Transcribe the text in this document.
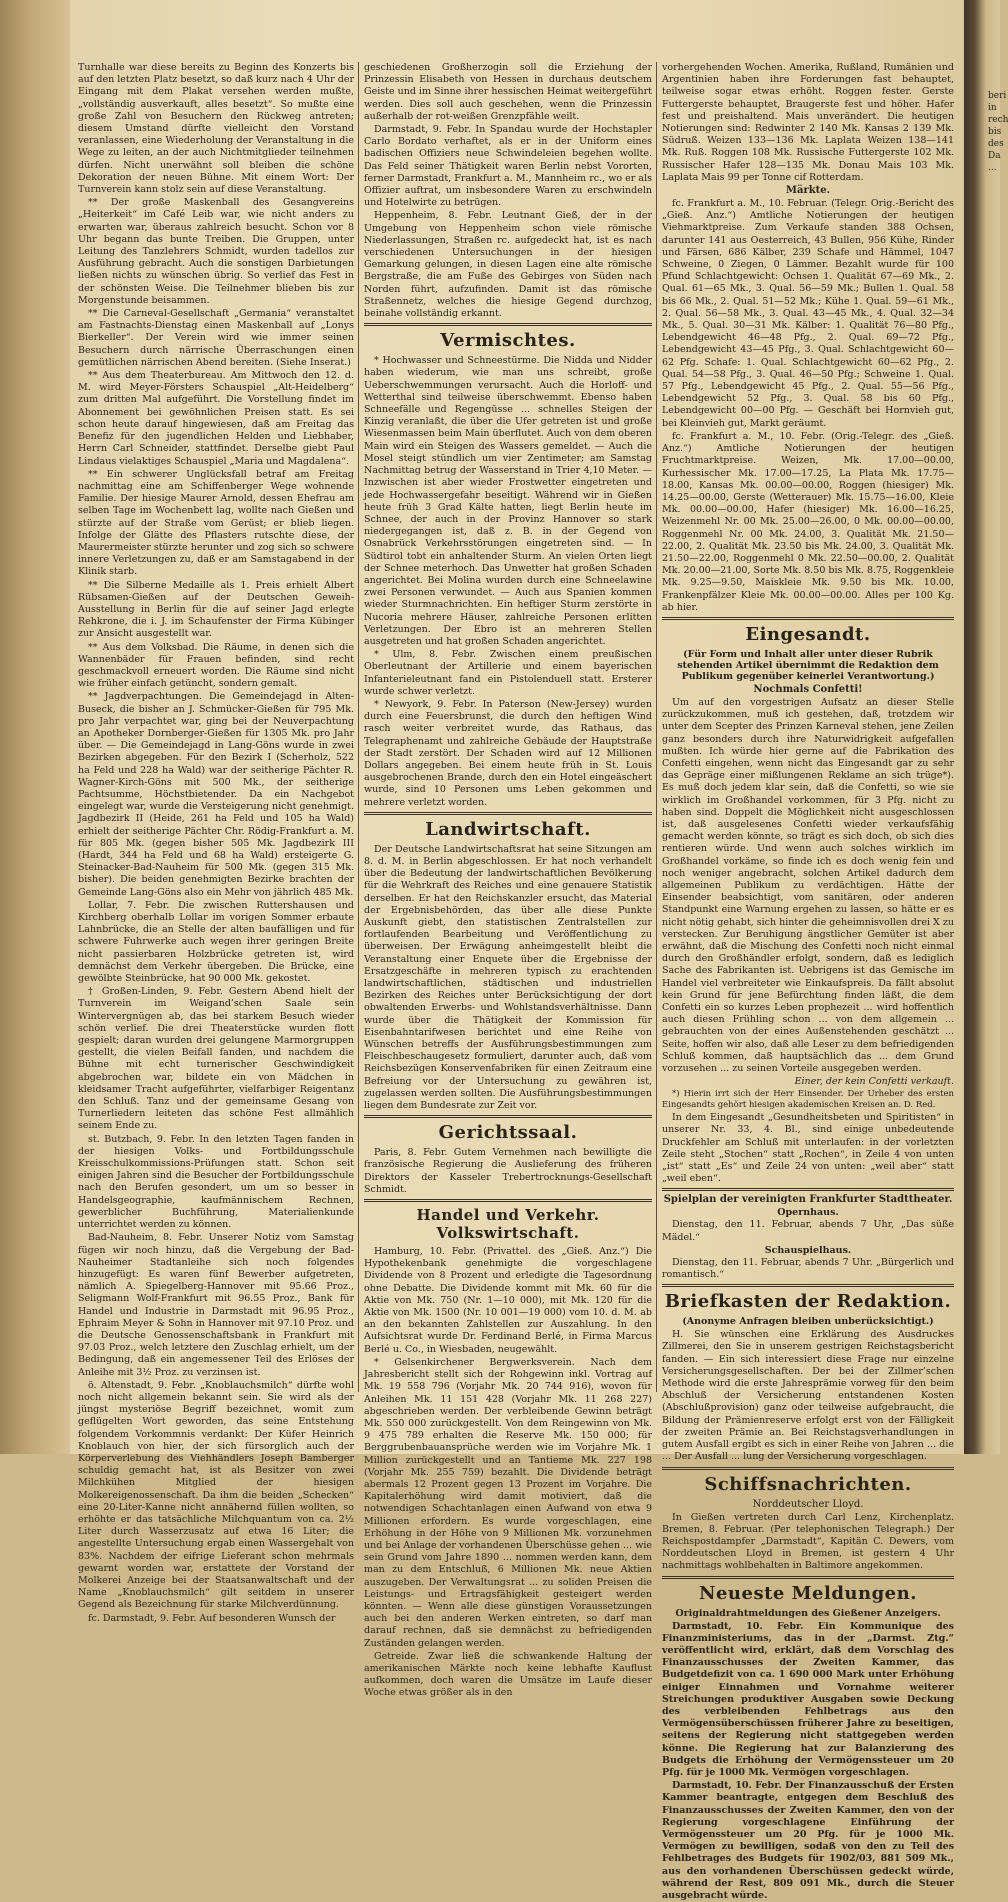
beri
in
rech
bis
des
Da
...

Turnhalle war diese bereits zu Beginn des Konzerts bis auf den letzten Platz besetzt, so daß kurz nach 4 Uhr der Eingang mit dem Plakat versehen werden mußte, „vollständig ausverkauft, alles besetzt“. So mußte eine große Zahl von Besuchern den Rückweg antreten; diesem Umstand dürfte vielleicht den Vorstand veranlassen, eine Wiederholung der Veranstaltung in die Wege zu leiten, an der auch Nichtmitglieder teilnehmen dürfen. Nicht unerwähnt soll bleiben die schöne Dekoration der neuen Bühne. Mit einem Wort: Der Turnverein kann stolz sein auf diese Veranstaltung.

** Der große Maskenball des Gesangvereins „Heiterkeit“ im Café Leib war, wie nicht anders zu erwarten war, überaus zahlreich besucht. Schon vor 8 Uhr begann das bunte Treiben. Die Gruppen, unter Leitung des Tanzlehrers Schmidt, wurden tadellos zur Ausführung gebracht. Auch die sonstigen Darbietungen ließen nichts zu wünschen übrig. So verlief das Fest in der schönsten Weise. Die Teilnehmer blieben bis zur Morgenstunde beisammen.

** Die Carneval-Gesellschaft „Germania“ veranstaltet am Fastnachts-Dienstag einen Maskenball auf „Lonys Bierkeller“. Der Verein wird wie immer seinen Besuchern durch närrische Überraschungen einen gemütlichen närrischen Abend bereiten. (Siehe Inserat.)

** Aus dem Theaterbureau. Am Mittwoch den 12. d. M. wird Meyer-Försters Schauspiel „Alt-Heidelberg“ zum dritten Mal aufgeführt. Die Vorstellung findet im Abonnement bei gewöhnlichen Preisen statt. Es sei schon heute darauf hingewiesen, daß am Freitag das Benefiz für den jugendlichen Helden und Liebhaber, Herrn Carl Schneider, stattfindet. Derselbe giebt Paul Lindaus vielaktiges Schauspiel „Maria und Magdalena“.

** Ein schwerer Unglücksfall betraf am Freitag nachmittag eine am Schiffenberger Wege wohnende Familie. Der hiesige Maurer Arnold, dessen Ehefrau am selben Tage im Wochenbett lag, wollte nach Gießen und stürzte auf der Straße vom Gerüst; er blieb liegen. Infolge der Glätte des Pflasters rutschte diese, der Maurermeister stürzte herunter und zog sich so schwere innere Verletzungen zu, daß er am Samstagabend in der Klinik starb.

** Die Silberne Medaille als 1. Preis erhielt Albert Rübsamen-Gießen auf der Deutschen Geweih-Ausstellung in Berlin für die auf seiner Jagd erlegte Rehkrone, die i. J. im Schaufenster der Firma Kübinger zur Ansicht ausgestellt war.

** Aus dem Volksbad. Die Räume, in denen sich die Wannenbäder für Frauen befinden, sind recht geschmackvoll erneuert worden. Die Räume sind nicht wie früher einfach getüncht, sondern gemalt.

** Jagdverpachtungen. Die Gemeindejagd in Alten-Buseck, die bisher an J. Schmücker-Gießen für 795 Mk. pro Jahr verpachtet war, ging bei der Neuverpachtung an Apotheker Dornberger-Gießen für 1305 Mk. pro Jahr über. — Die Gemeindejagd in Lang-Göns wurde in zwei Bezirken abgegeben. Für den Bezirk I (Scherholz, 522 ha Feld und 228 ha Wald) war der seitherige Pächter R. Wagner-Kirch-Göns mit 500 Mk., der seitherige Pachtsumme, Höchstbietender. Da ein Nachgebot eingelegt war, wurde die Versteigerung nicht genehmigt. Jagdbezirk II (Heide, 261 ha Feld und 105 ha Wald) erhielt der seitherige Pächter Chr. Rödig-Frankfurt a. M. für 805 Mk. (gegen bisher 505 Mk. Jagdbezirk III (Hardt, 344 ha Feld und 68 ha Wald) ersteigerte G. Steinacker-Bad-Nauheim für 500 Mk. (gegen 315 Mk. bisher). Die beiden genehmigten Bezirke brachten der Gemeinde Lang-Göns also ein Mehr von jährlich 485 Mk.

Lollar, 7. Febr. Die zwischen Ruttershausen und Kirchberg oberhalb Lollar im vorigen Sommer erbaute Lahnbrücke, die an Stelle der alten baufälligen und für schwere Fuhrwerke auch wegen ihrer geringen Breite nicht passierbaren Holzbrücke getreten ist, wird demnächst dem Verkehr übergeben. Die Brücke, eine gewölbte Steinbrücke, hat 90 000 Mk. gekostet.

† Großen-Linden, 9. Febr. Gestern Abend hielt der Turnverein im Weigand’schen Saale sein Wintervergnügen ab, das bei starkem Besuch wieder schön verlief. Die drei Theaterstücke wurden flott gespielt; daran wurden drei gelungene Marmorgruppen gestellt, die vielen Beifall fanden, und nachdem die Bühne mit echt turnerischer Geschwindigkeit abgebrochen war, bildete ein von Mädchen in kleidsamer Tracht aufgeführter, vielfarbiger Reigentanz den Schluß. Tanz und der gemeinsame Gesang von Turnerliedern leiteten das schöne Fest allmählich seinem Ende zu.

st. Butzbach, 9. Febr. In den letzten Tagen fanden in der hiesigen Volks- und Fortbildungsschule Kreisschulkommissions-Prüfungen statt. Schon seit einigen Jahren sind die Besucher der Fortbildungsschule nach den Berufen gesondert, um um so besser in Handelsgeographie, kaufmännischem Rechnen, gewerblicher Buchführung, Materialienkunde unterrichtet werden zu können.

Bad-Nauheim, 8. Febr. Unserer Notiz vom Samstag fügen wir noch hinzu, daß die Vergebung der Bad-Nauheimer Stadtanleihe sich noch folgendes hinzugefügt: Es waren fünf Bewerber aufgetreten, nämlich A. Spiegelberg-Hannover mit 95.66 Proz., Seligmann Wolf-Frankfurt mit 96.55 Proz., Bank für Handel und Industrie in Darmstadt mit 96.95 Proz., Ephraim Meyer & Sohn in Hannover mit 97.10 Proz. und die Deutsche Genossenschaftsbank in Frankfurt mit 97.03 Proz., welch letztere den Zuschlag erhielt, um der Bedingung, daß ein angemessener Teil des Erlöses der Anleihe mit 3½ Proz. zu verzinsen ist.

ö. Altenstadt, 9. Febr. „Knoblauchsmilch“ dürfte wohl noch nicht allgemein bekannt sein. Sie wird als der jüngst mysteriöse Begriff bezeichnet, womit zum geflügelten Wort geworden, das seine Entstehung folgendem Vorkommnis verdankt: Der Küfer Heinrich Knoblauch von hier, der sich fürsorglich auch der Körperverlebung des Viehhändlers Joseph Bamberger schuldig gemacht hat, ist als Besitzer von zwei Milchkühen Mitglied der hiesigen Molkereigenossenschaft. Da ihm die beiden „Schecken“ eine 20-Liter-Kanne nicht annähernd füllen wollten, so erhöhte er das tatsächliche Milchquantum von ca. 2½ Liter durch Wasserzusatz auf etwa 16 Liter; die angestellte Untersuchung ergab einen Wassergehalt von 83%. Nachdem der eifrige Lieferant schon mehrmals gewarnt worden war, erstattete der Vorstand der Molkerei Anzeige bei der Staatsanwaltschaft und der Name „Knoblauchsmilch“ gilt seitdem in unserer Gegend als Bezeichnung für starke Milchverdünnung.

fc. Darmstadt, 9. Febr. Auf besonderen Wunsch der

geschiedenen Großherzogin soll die Erziehung der Prinzessin Elisabeth von Hessen in durchaus deutschem Geiste und im Sinne ihrer hessischen Heimat weitergeführt werden. Dies soll auch geschehen, wenn die Prinzessin außerhalb der rot-weißen Grenzpfähle weilt.

Darmstadt, 9. Febr. In Spandau wurde der Hochstapler Carlo Bordato verhaftet, als er in der Uniform eines badischen Offiziers neue Schwindeleien begehen wollte. Das Feld seiner Thätigkeit waren Berlin nebst Vororten, ferner Darmstadt, Frankfurt a. M., Mannheim rc., wo er als Offizier auftrat, um insbesondere Waren zu erschwindeln und Hotelwirte zu betrügen.

Heppenheim, 8. Febr. Leutnant Gieß, der in der Umgebung von Heppenheim schon viele römische Niederlassungen, Straßen rc. aufgedeckt hat, ist es nach verschiedenen Untersuchungen in der hiesigen Gemarkung gelungen, in diesen Lagen eine alte römische Bergstraße, die am Fuße des Gebirges von Süden nach Norden führt, aufzufinden. Damit ist das römische Straßennetz, welches die hiesige Gegend durchzog, beinahe vollständig erkannt.

Vermischtes.

* Hochwasser und Schneestürme. Die Nidda und Nidder haben wiederum, wie man uns schreibt, große Ueberschwemmungen verursacht. Auch die Horloff- und Wetterthal sind teilweise überschwemmt. Ebenso haben Schneefälle und Regengüsse ... schnelles Steigen der Kinzig veranlaßt, die über die Ufer getreten ist und große Wiesenmassen beim Main überflutet. Auch von dem oberen Main wird ein Steigen des Wassers gemeldet. — Auch die Mosel steigt stündlich um vier Zentimeter; am Samstag Nachmittag betrug der Wasserstand in Trier 4,10 Meter. — Inzwischen ist aber wieder Frostwetter eingetreten und jede Hochwassergefahr beseitigt. Während wir in Gießen heute früh 3 Grad Kälte hatten, liegt Berlin heute im Schnee, der auch in der Provinz Hannover so stark niedergegangen ist, daß z. B. in der Gegend von Osnabrück Verkehrsstörungen eingetreten sind. — In Südtirol tobt ein anhaltender Sturm. An vielen Orten liegt der Schnee meterhoch. Das Unwetter hat großen Schaden angerichtet. Bei Molina wurden durch eine Schneelawine zwei Personen verwundet. — Auch aus Spanien kommen wieder Sturmnachrichten. Ein heftiger Sturm zerstörte in Nucoria mehrere Häuser, zahlreiche Personen erlitten Verletzungen. Der Ebro ist an mehreren Stellen ausgetreten und hat großen Schaden angerichtet.

* Ulm, 8. Febr. Zwischen einem preußischen Oberleutnant der Artillerie und einem bayerischen Infanterieleutnant fand ein Pistolenduell statt. Ersterer wurde schwer verletzt.

* Newyork, 9. Febr. In Paterson (New-Jersey) wurden durch eine Feuersbrunst, die durch den heftigen Wind rasch weiter verbreitet wurde, das Rathaus, das Telegraphenamt und zahlreiche Gebäude der Hauptstraße der Stadt zerstört. Der Schaden wird auf 12 Millionen Dollars angegeben. Bei einem heute früh in St. Louis ausgebrochenen Brande, durch den ein Hotel eingeäschert wurde, sind 10 Personen ums Leben gekommen und mehrere verletzt worden.

Landwirtschaft.

Der Deutsche Landwirtschaftsrat hat seine Sitzungen am 8. d. M. in Berlin abgeschlossen. Er hat noch verhandelt über die Bedeutung der landwirtschaftlichen Bevölkerung für die Wehrkraft des Reiches und eine genauere Statistik derselben. Er hat den Reichskanzler ersucht, das Material der Ergebnisbehörden, das über alle diese Punkte Auskunft giebt, den statistischen Zentralstellen zur fortlaufenden Bearbeitung und Veröffentlichung zu überweisen. Der Erwägung anheimgestellt bleibt die Veranstaltung einer Enquete über die Ergebnisse der Ersatzgeschäfte in mehreren typisch zu erachtenden landwirtschaftlichen, städtischen und industriellen Bezirken des Reiches unter Berücksichtigung der dort obwaltenden Erwerbs- und Wohlstandsverhältnisse. Dann wurde über die Thätigkeit der Kommission für Eisenbahntarifwesen berichtet und eine Reihe von Wünschen betreffs der Ausführungsbestimmungen zum Fleischbeschaugesetz formuliert, darunter auch, daß vom Reichsbezügen Konservenfabriken für einen Zeitraum eine Befreiung vor der Untersuchung zu gewähren ist, zugelassen werden sollten. Die Ausführungsbestimmungen liegen dem Bundesrate zur Zeit vor.

Gerichtssaal.

Paris, 8. Febr. Gutem Vernehmen nach bewilligte die französische Regierung die Auslieferung des früheren Direktors der Kasseler Trebertrocknungs-Gesellschaft Schmidt.

Handel und Verkehr. Volkswirtschaft.

Hamburg, 10. Febr. (Privattel. des „Gieß. Anz.“) Die Hypothekenbank genehmigte die vorgeschlagene Dividende von 8 Prozent und erledigte die Tagesordnung ohne Debatte. Die Dividende kommt mit Mk. 60 für die Aktie von Mk. 750 (Nr. 1—10 000), mit Mk. 120 für die Aktie von Mk. 1500 (Nr. 10 001—19 000) vom 10. d. M. ab an den bekannten Zahlstellen zur Auszahlung. In den Aufsichtsrat wurde Dr. Ferdinand Berlé, in Firma Marcus Berlé u. Co., in Wiesbaden, neugewählt.

* Gelsenkirchener Bergwerksverein. Nach dem Jahresbericht stellt sich der Rohgewinn inkl. Vortrag auf Mk. 19 558 796 (Vorjahr Mk. 20 744 916), wovon für Anleihen Mk. 11 151 428 (Vorjahr Mk. 11 268 227) abgeschrieben werden. Der verbleibende Gewinn beträgt Mk. 550 000 zurückgestellt. Von dem Reingewinn von Mk. 9 475 789 erhalten die Reserve Mk. 150 000; für Berggrubenbauansprüche werden wie im Vorjahre Mk. 1 Million zurückgestellt und an Tantieme Mk. 227 198 (Vorjahr Mk. 255 759) bezahlt. Die Dividende beträgt abermals 12 Prozent gegen 13 Prozent im Vorjahre. Die Kapitalerhöhung wird damit motiviert, daß die notwendigen Schachtanlagen einen Aufwand von etwa 9 Millionen erfordern. Es wurde vorgeschlagen, eine Erhöhung in der Höhe von 9 Millionen Mk. vorzunehmen und bei Anlage der vorhandenen Überschüsse gehen ... wie sein Grund vom Jahre 1890 ... nommen werden kann, dem man zu dem Entschluß, 6 Millionen Mk. neue Aktien auszugeben. Der Verwaltungsrat ... zu soliden Preisen die Leistungs- und Ertragsfähigkeit gesteigert werden könnten. — Wenn alle diese günstigen Voraussetzungen auch bei den anderen Werken eintreten, so darf man darauf rechnen, daß sie demnächst zu befriedigenden Zuständen gelangen werden.

Getreide. Zwar ließ die schwankende Haltung der amerikanischen Märkte noch keine lebhafte Kauflust aufkommen, doch waren die Umsätze im Laufe dieser Woche etwas größer als in den

vorhergehenden Wochen. Amerika, Rußland, Rumänien und Argentinien haben ihre Forderungen fast behauptet, teilweise sogar etwas erhöht. Roggen fester. Gerste Futtergerste behauptet, Braugerste fest und höher. Hafer fest und preishaltend. Mais unverändert. Die heutigen Notierungen sind: Redwinter 2 140 Mk. Kansas 2 139 Mk. Südruß. Weizen 133—136 Mk. Laplata Weizen 138—141 Mk. Ruß. Roggen 108 Mk. Russische Futtergerste 102 Mk. Russischer Hafer 128—135 Mk. Donau Mais 103 Mk. Laplata Mais 99 per Tonne cif Rotterdam.

Märkte.

fc. Frankfurt a. M., 10. Februar. (Telegr. Orig.-Bericht des „Gieß. Anz.“) Amtliche Notierungen der heutigen Viehmarktpreise. Zum Verkaufe standen 388 Ochsen, darunter 141 aus Oesterreich, 43 Bullen, 956 Kühe, Rinder und Färsen, 686 Kälber, 239 Schafe und Hämmel, 1047 Schweine, 0 Ziegen, 0 Lämmer. Bezahlt wurde für 100 Pfund Schlachtgewicht: Ochsen 1. Qualität 67—69 Mk., 2. Qual. 61—65 Mk., 3. Qual. 56—59 Mk.; Bullen 1. Qual. 58 bis 66 Mk., 2. Qual. 51—52 Mk.; Kühe 1. Qual. 59—61 Mk., 2. Qual. 56—58 Mk., 3. Qual. 43—45 Mk., 4. Qual. 32—34 Mk., 5. Qual. 30—31 Mk. Kälber: 1. Qualität 76—80 Pfg., Lebendgewicht 46—48 Pfg., 2. Qual. 69—72 Pfg., Lebendgewicht 43—45 Pfg., 3. Qual. Schlachtgewicht 60—62 Pfg. Schafe: 1. Qual. Schlachtgewicht 60—62 Pfg., 2. Qual. 54—58 Pfg., 3. Qual. 46—50 Pfg.; Schweine 1. Qual. 57 Pfg., Lebendgewicht 45 Pfg., 2. Qual. 55—56 Pfg., Lebendgewicht 52 Pfg., 3. Qual. 58 bis 60 Pfg., Lebendgewicht 00—00 Pfg. — Geschäft bei Hornvieh gut, bei Kleinvieh gut, Markt geräumt.

fc. Frankfurt a. M., 10. Febr. (Orig.-Telegr. des „Gieß. Anz.“) Amtliche Notierungen der heutigen Fruchtmarktpreise. Weizen, Mk. 17.00—00.00, Kurhessischer Mk. 17.00—17.25, La Plata Mk. 17.75—18.00, Kansas Mk. 00.00—00.00, Roggen (hiesiger) Mk. 14.25—00.00, Gerste (Wetterauer) Mk. 15.75—16.00, Kleie Mk. 00.00—00.00, Hafer (hiesiger) Mk. 16.00—16.25, Weizenmehl Nr. 00 Mk. 25.00—26.00, 0 Mk. 00.00—00.00, Roggenmehl Nr. 00 Mk. 24.00, 3. Qualität Mk. 21.50—22.00, 2. Qualität Mk. 23.50 bis Mk. 24.00, 3. Qualität Mk. 21.50—22.00, Roggenmehl 0 Mk. 22.50—00.00, 2. Qualität Mk. 20.00—21.00, Sorte Mk. 8.50 bis Mk. 8.75, Roggenkleie Mk. 9.25—9.50, Maiskleie Mk. 9.50 bis Mk. 10.00, Frankenpfälzer Kleie Mk. 00.00—00.00. Alles per 100 Kg. ab hier.

Eingesandt.
(Für Form und Inhalt aller unter dieser Rubrik stehenden Artikel übernimmt die Redaktion dem Publikum gegenüber keinerlei Verantwortung.)
Nochmals Confetti!

Um auf den vorgestrigen Aufsatz an dieser Stelle zurückzukommen, muß ich gestehen, daß, trotzdem wir unter dem Scepter des Prinzen Karneval stehen, jene Zeilen ganz besonders durch ihre Naturwidrigkeit aufgefallen mußten. Ich würde hier gerne auf die Fabrikation des Confetti eingehen, wenn nicht das Eingesandt gar zu sehr das Gepräge einer mißlungenen Reklame an sich trüge*). Es muß doch jedem klar sein, daß die Confetti, so wie sie wirklich im Großhandel vorkommen, für 3 Pfg. nicht zu haben sind. Doppelt die Möglichkeit nicht ausgeschlossen ist, daß ausgelesenes Confetti wieder verkaufsfähig gemacht werden könnte, so trägt es sich doch, ob sich dies rentieren würde. Und wenn auch solches wirklich im Großhandel vorkäme, so finde ich es doch wenig fein und noch weniger angebracht, solchen Artikel dadurch dem allgemeinen Publikum zu verdächtigen. Hätte der Einsender beabsichtigt, vom sanitären, oder anderen Standpunkt eine Warnung ergehen zu lassen, so hätte er es nicht nötig gehabt, sich hinter die geheimnisvollen drei X zu verstecken. Zur Beruhigung ängstlicher Gemüter ist aber erwähnt, daß die Mischung des Confetti noch nicht einmal durch den Großhändler erfolgt, sondern, daß es lediglich Sache des Fabrikanten ist. Uebrigens ist das Gemische im Handel viel verbreiteter wie Einkaufspreis. Da fällt absolut kein Grund für jene Befürchtung finden läßt, die dem Confetti ein so kurzes Leben prophezeit ... wird hoffentlich auch diesen Frühling schon ... von dem allgemein ... gebrauchten von der eines Außenstehenden geschätzt ... Seite, hoffen wir also, daß alle Leser zu dem befriedigenden Schluß kommen, daß hauptsächlich das ... dem Grund vorzusehen ... zu seinen Vorteile ausgegeben werden.

Einer, der kein Confetti verkauft.

*) Hierin irrt sich der Herr Einsender. Der Urheber des ersten Eingesandts gehört hiesigen akademischen Kreisen an. D. Red.

In dem Eingesandt „Gesundheitsbeten und Spiritisten“ in unserer Nr. 33, 4. Bl., sind einige unbedeutende Druckfehler am Schluß mit unterlaufen: in der vorletzten Zeile steht „Stochen“ statt „Rochen“, in Zeile 4 von unten „ist“ statt „Es“ und Zeile 24 von unten: „weil aber“ statt „weil eben“.

Spielplan der vereinigten Frankfurter Stadttheater.
Opernhaus.

Dienstag, den 11. Februar, abends 7 Uhr, „Das süße Mädel.“

Schauspielhaus.

Dienstag, den 11. Februar, abends 7 Uhr. „Bürgerlich und romantisch.“

Briefkasten der Redaktion.
(Anonyme Anfragen bleiben unberücksichtigt.)

H. Sie wünschen eine Erklärung des Ausdruckes Zillmerei, den Sie in unserem gestrigen Reichstagsbericht fanden. — Ein sich interessiert diese Frage nur einzelne Versicherungsgesellschaften. Der bei der Zillmer’schen Methode wird die erste Jahresprämie vorweg für den beim Abschluß der Versicherung entstandenen Kosten (Abschlußprovision) ganz oder teilweise aufgebraucht, die Bildung der Prämienreserve erfolgt erst von der Fälligkeit der zweiten Prämie an. Bei Reichstagsverhandlungen in gutem Ausfall ergibt es sich in einer Reihe von Jahren ... die ... Der Ausfall ... lung der Versicherung vorgeschlagen.

Schiffsnachrichten.
Norddeutscher Lloyd.

In Gießen vertreten durch Carl Lenz, Kirchenplatz. Bremen, 8. Februar. (Per telephonischen Telegraph.) Der Reichspostdampfer „Darmstadt“, Kapitän C. Dewers, vom Norddeutschen Lloyd in Bremen, ist gestern 4 Uhr nachmittags wohlbehalten in Baltimore angekommen.

Neueste Meldungen.
Originaldrahtmeldungen des Gießener Anzeigers.

Darmstadt, 10. Febr. Ein Kommunique des Finanzministeriums, das in der „Darmst. Ztg.“ veröffentlicht wird, erklärt, daß dem Vorschlag des Finanzausschusses der Zweiten Kammer, das Budgetdefizit von ca. 1 690 000 Mark unter Erhöhung einiger Einnahmen und Vornahme weiterer Streichungen produktiver Ausgaben sowie Deckung des verbleibenden Fehlbetrags aus den Vermögensüberschüssen früherer Jahre zu beseitigen, seitens der Regierung nicht stattgegeben werden könne. Die Regierung hat zur Balanzierung des Budgets die Erhöhung der Vermögenssteuer um 20 Pfg. für je 1000 Mk. Vermögen vorgeschlagen.

Darmstadt, 10. Febr. Der Finanzausschuß der Ersten Kammer beantragte, entgegen dem Beschluß des Finanzausschusses der Zweiten Kammer, den von der Regierung vorgeschlagene Einführung der Vermögenssteuer um 20 Pfg. für je 1000 Mk. Vermögen zu bewilligen, sodaß von den zu Teil des Fehlbetrages des Budgets für 1902/03, 881 509 Mk., aus den vorhandenen Überschüssen gedeckt würde, während der Rest, 809 091 Mk., durch die Steuer ausgebracht würde.
